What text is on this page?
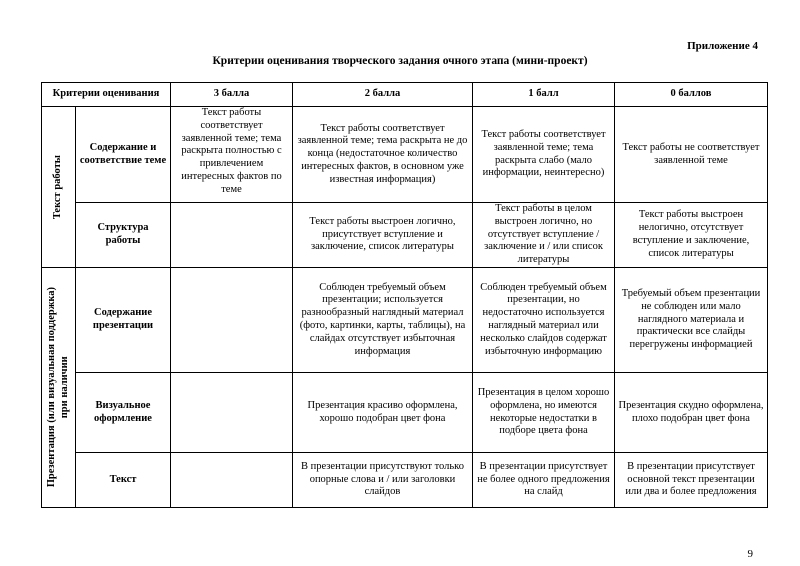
Приложение 4
Критерии оценивания творческого задания очного этапа (мини-проект)
Критерии оценивания		3 балла	2 балла	1 балл	0 баллов

Текст работы	Содержание и соответствие теме	Текст работы соответствует заявленной теме; тема раскрыта полностью с привлечением интересных фактов по теме	Текст работы соответствует заявленной теме; тема раскрыта не до конца (недостаточное количество интересных фактов, в основном уже известная информация)	Текст работы соответствует заявленной теме; тема раскрыта слабо (мало информации, неинтересно)	Текст работы не соответствует заявленной теме
	Структура работы		Текст работы выстроен логично, присутствует вступление и заключение, список литературы	Текст работы в целом выстроен логично, но отсутствует вступление / заключение и / или список литературы	Текст работы выстроен нелогично, отсутствует вступление и заключение, список литературы

Презентация (или визуальная поддержка) при наличии	Содержание презентации		Соблюден требуемый объем презентации; используется разнообразный наглядный материал (фото, картинки, карты, таблицы), на слайдах отсутствует избыточная информация	Соблюден требуемый объем презентации, но недостаточно используется наглядный материал или несколько слайдов содержат избыточную информацию	Требуемый объем презентации не соблюден или мало наглядного материала и практически все слайды перегружены информацией
	Визуальное оформление		Презентация красиво оформлена, хорошо подобран цвет фона	Презентация в целом хорошо оформлена, но имеются некоторые недостатки в подборе цвета фона	Презентация скудно оформлена, плохо подобран цвет фона
	Текст		В презентации присутствуют только опорные слова и / или заголовки слайдов	В презентации присутствует не более одного предложения на слайд	В презентации присутствует основной текст презентации или два и более предложения
9
